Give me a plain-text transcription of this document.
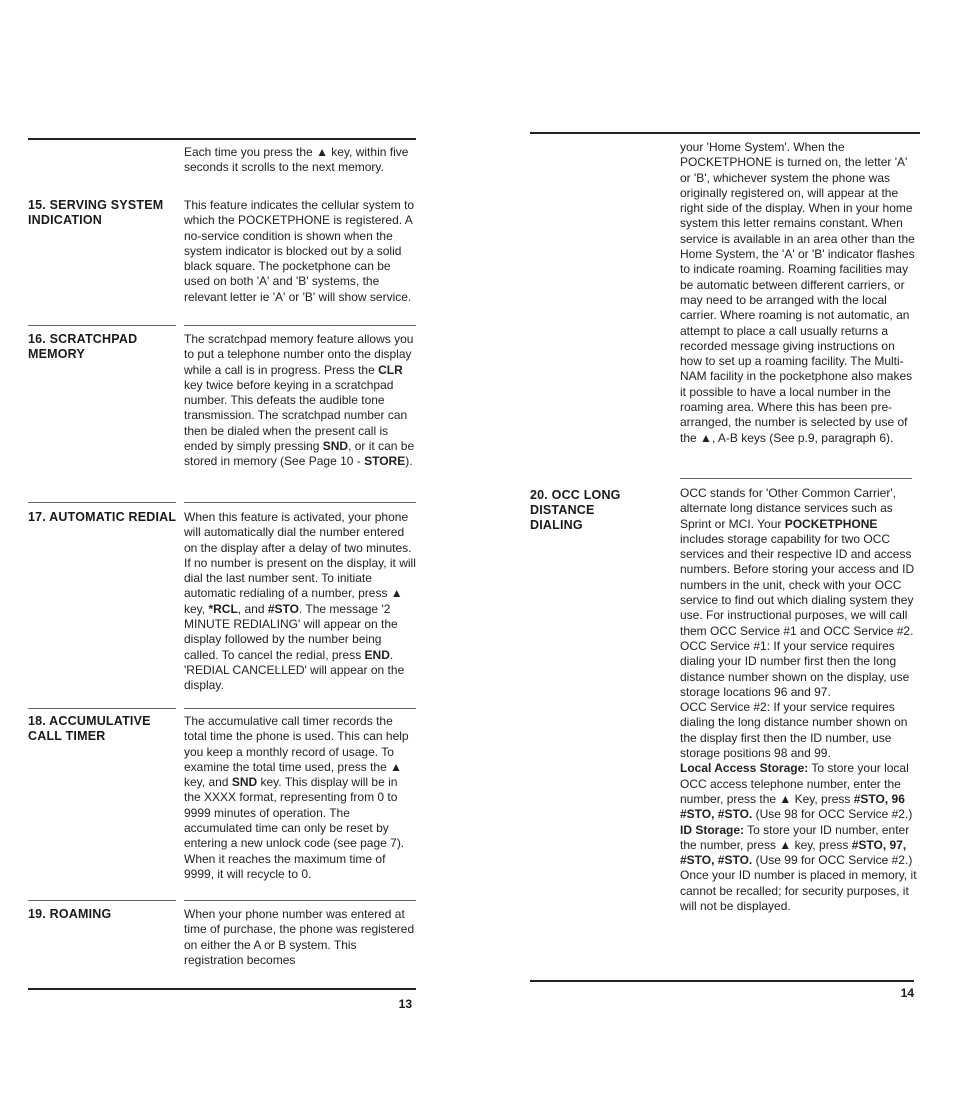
Each time you press the ▲ key, within five seconds it scrolls to the next memory.

15. SERVING SYSTEM INDICATION

This feature indicates the cellular system to which the POCKETPHONE is registered. A no-service condition is shown when the system indicator is blocked out by a solid black square. The pocketphone can be used on both 'A' and 'B' systems, the relevant letter ie 'A' or 'B' will show service.

16. SCRATCHPAD MEMORY

The scratchpad memory feature allows you to put a telephone number onto the display while a call is in progress. Press the CLR key twice before keying in a scratchpad number. This defeats the audible tone transmission. The scratchpad number can then be dialed when the present call is ended by simply pressing SND, or it can be stored in memory (See Page 10 - STORE).

17. AUTOMATIC REDIAL When this feature is activated, your phone will automatically dial the number entered on the display after a delay of two minutes. If no number is present on the display, it will dial the last number sent. To initiate automatic redialing of a number, press ▲ key, *RCL, and #STO. The message '2 MINUTE REDIALING' will appear on the display followed by the number being called. To cancel the redial, press END. 'REDIAL CANCELLED' will appear on the display.

18. ACCUMULATIVE CALL TIMER

The accumulative call timer records the total time the phone is used. This can help you keep a monthly record of usage. To examine the total time used, press the ▲ key, and SND key. This display will be in the XXXX format, representing from 0 to 9999 minutes of operation. The accumulated time can only be reset by entering a new unlock code (see page 7). When it reaches the maximum time of 9999, it will recycle to 0.

19. ROAMING	When your phone number was entered at time of purchase, the phone was registered on either the A or B system. This registration becomes

13

your 'Home System'. When the POCKETPHONE is turned on, the letter 'A' or 'B', whichever system the phone was originally registered on, will appear at the right side of the display. When in your home system this letter remains constant. When service is available in an area other than the Home System, the 'A' or 'B' indicator flashes to indicate roaming. Roaming facilities may be automatic between different carriers, or may need to be arranged with the local carrier. Where roaming is not automatic, an attempt to place a call usually returns a recorded message giving instructions on how to set up a roaming facility. The Multi-NAM facility in the pocketphone also makes it possible to have a local number in the roaming area. Where this has been pre-arranged, the number is selected by use of the ▲, A-B keys (See p.9, paragraph 6).

20. OCC LONG DISTANCE DIALING

OCC stands for 'Other Common Carrier', alternate long distance services such as Sprint or MCI. Your POCKETPHONE includes storage capability for two OCC services and their respective ID and access numbers. Before storing your access and ID numbers in the unit, check with your OCC service to find out which dialing system they use. For instructional purposes, we will call them OCC Service #1 and OCC Service #2.

OCC Service #1: If your service requires dialing your ID number first then the long distance number shown on the display, use storage locations 96 and 97.

OCC Service #2: If your service requires dialing the long distance number shown on the display first then the ID number, use storage positions 98 and 99.

Local Access Storage: To store your local OCC access telephone number, enter the number, press the ▲ Key, press #STO, 96 #STO, #STO. (Use 98 for OCC Service #2.)

ID Storage: To store your ID number, enter the number, press ▲ key, press #STO, 97, #STO, #STO. (Use 99 for OCC Service #2.) Once your ID number is placed in memory, it cannot be recalled; for security purposes, it will not be displayed.

14
